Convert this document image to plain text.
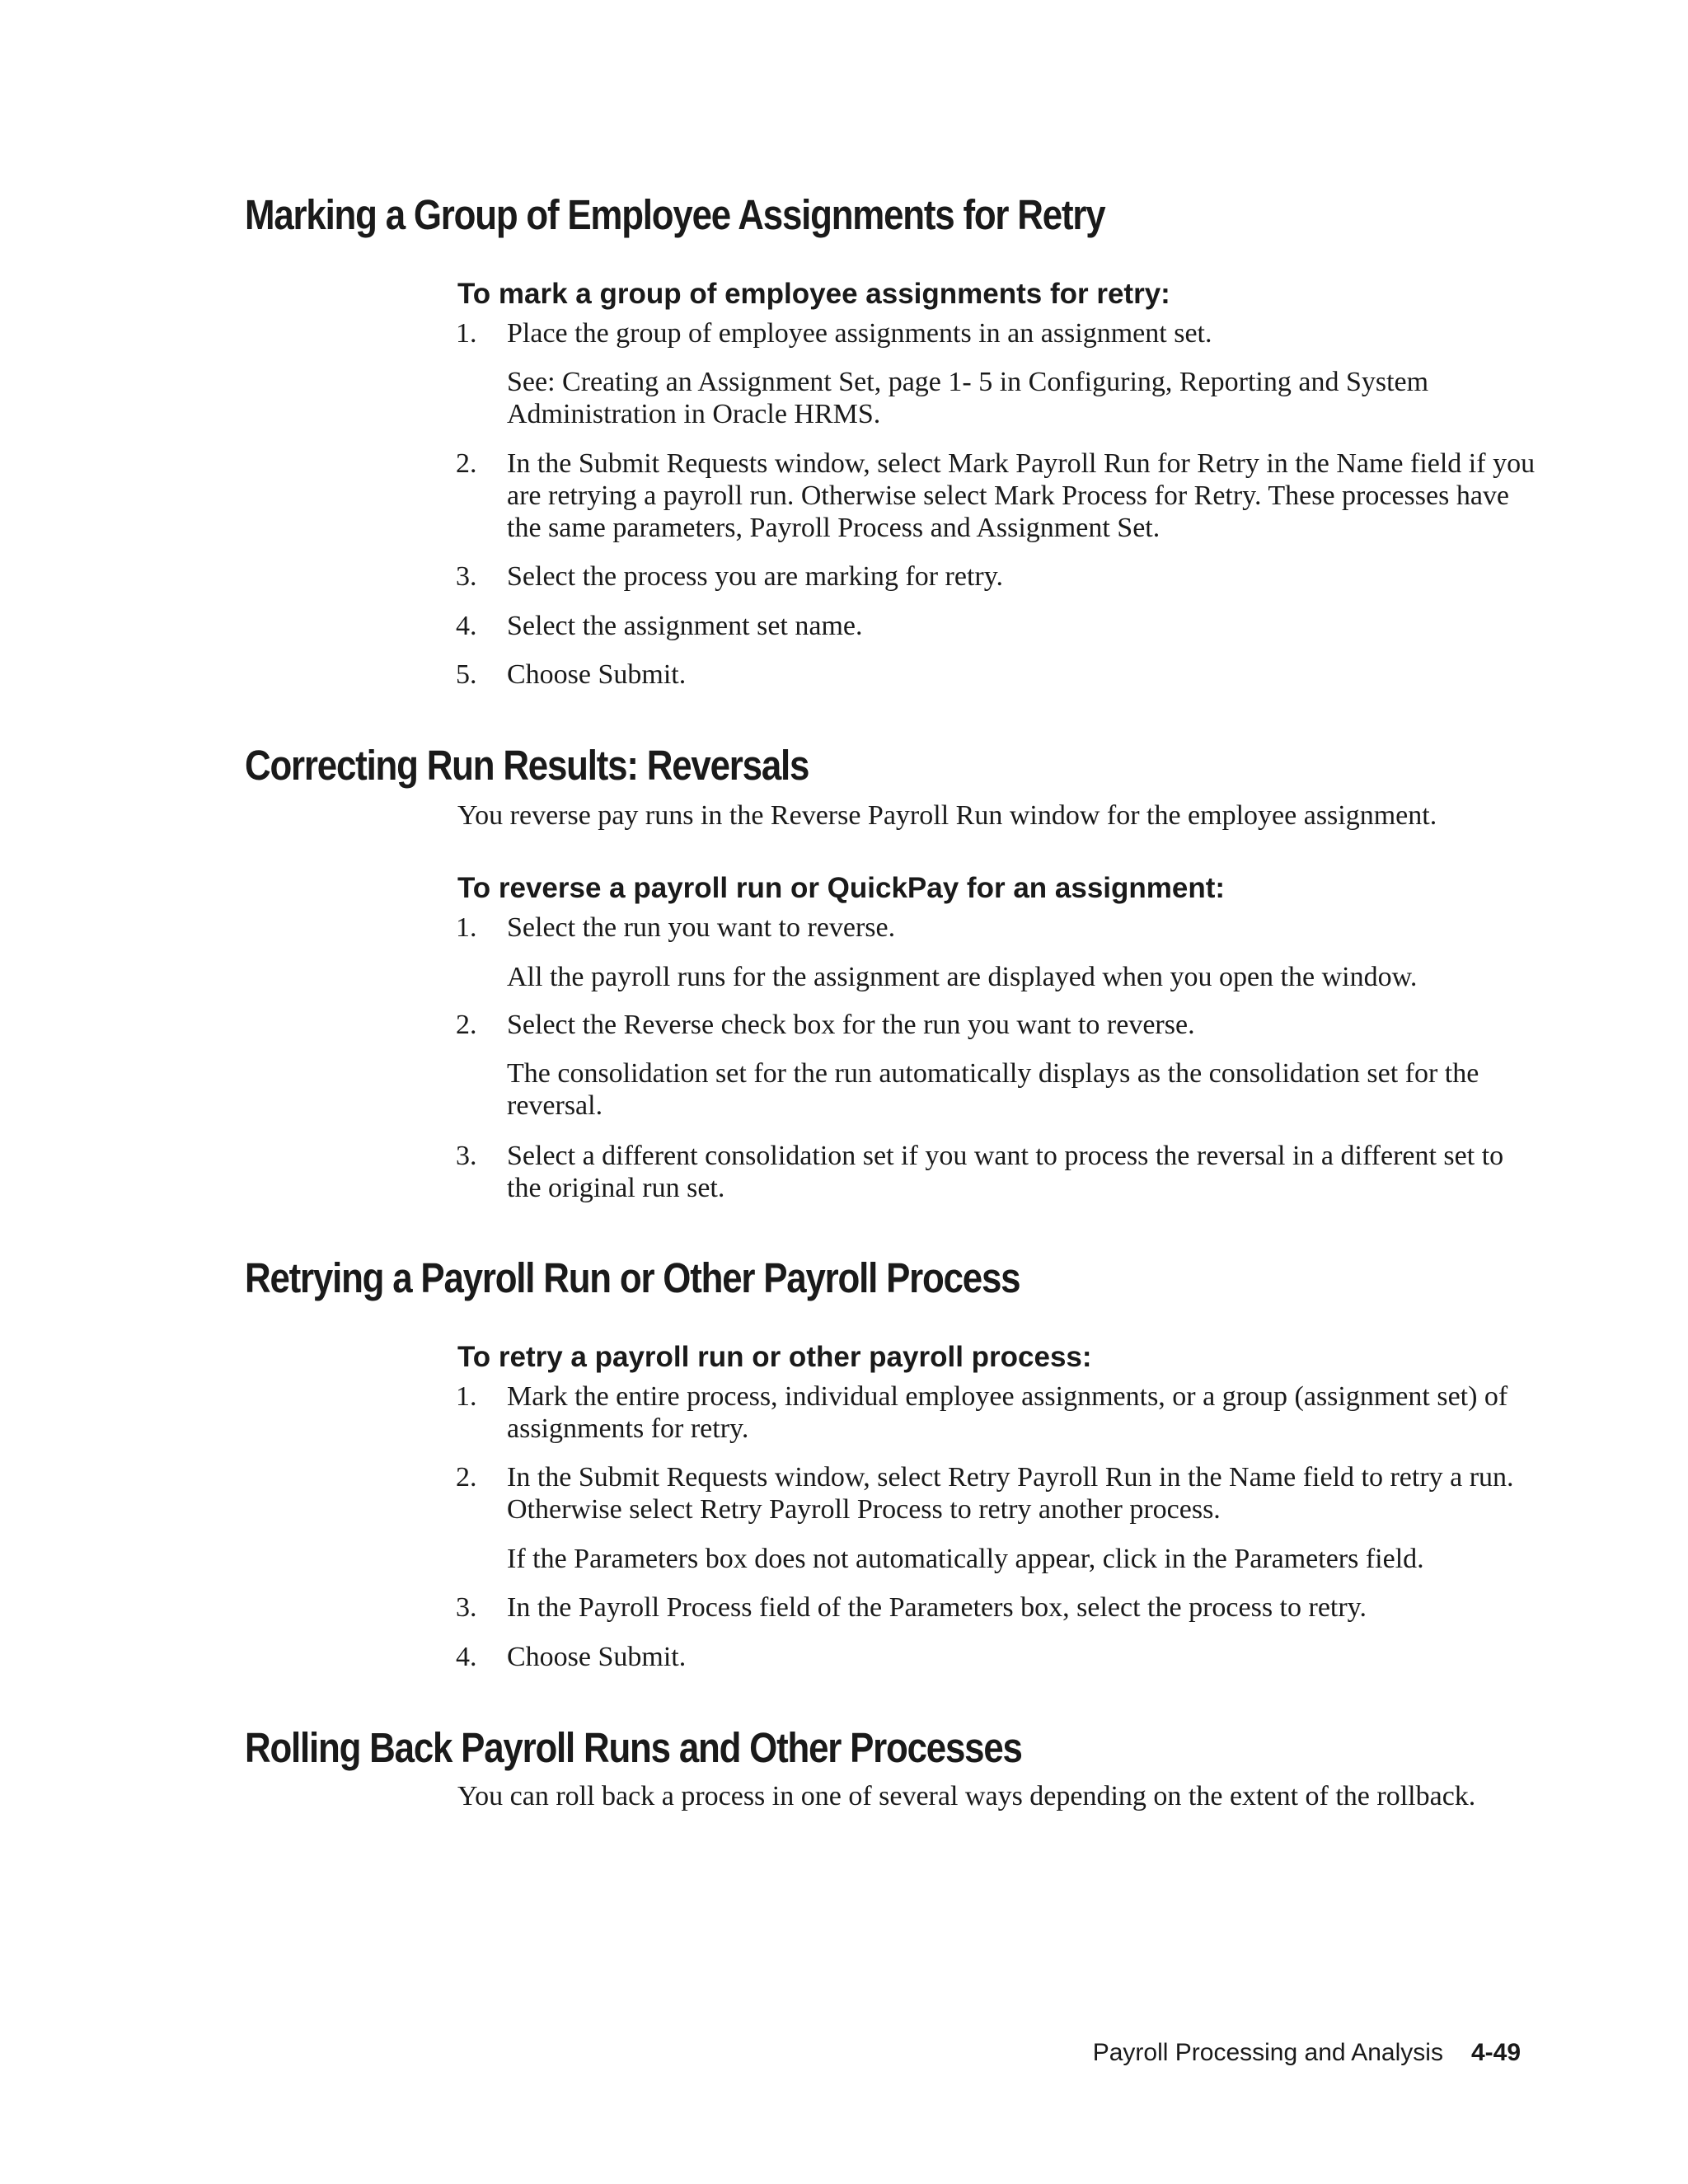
Marking a Group of Employee Assignments for Retry
To mark a group of employee assignments for retry:
1. Place the group of employee assignments in an assignment set.

See: Creating an Assignment Set, page 1- 5 in Configuring, Reporting and System Administration in Oracle HRMS.

2. In the Submit Requests window, select Mark Payroll Run for Retry in the Name field if you are retrying a payroll run. Otherwise select Mark Process for Retry. These processes have the same parameters, Payroll Process and Assignment Set.
3. Select the process you are marking for retry.
4. Select the assignment set name.
5. Choose Submit.
Correcting Run Results: Reversals

You reverse pay runs in the Reverse Payroll Run window for the employee assignment.

To reverse a payroll run or QuickPay for an assignment:
1. Select the run you want to reverse.

All the payroll runs for the assignment are displayed when you open the window.

2. Select the Reverse check box for the run you want to reverse.

The consolidation set for the run automatically displays as the consolidation set for the reversal.

3. Select a different consolidation set if you want to process the reversal in a different set to the original run set.
Retrying a Payroll Run or Other Payroll Process
To retry a payroll run or other payroll process:
1. Mark the entire process, individual employee assignments, or a group (assignment set) of assignments for retry.
2. In the Submit Requests window, select Retry Payroll Run in the Name field to retry a run. Otherwise select Retry Payroll Process to retry another process.

If the Parameters box does not automatically appear, click in the Parameters field.

3. In the Payroll Process field of the Parameters box, select the process to retry.
4. Choose Submit.
Rolling Back Payroll Runs and Other Processes

You can roll back a process in one of several ways depending on the extent of the rollback.

Payroll Processing and Analysis 4-49
